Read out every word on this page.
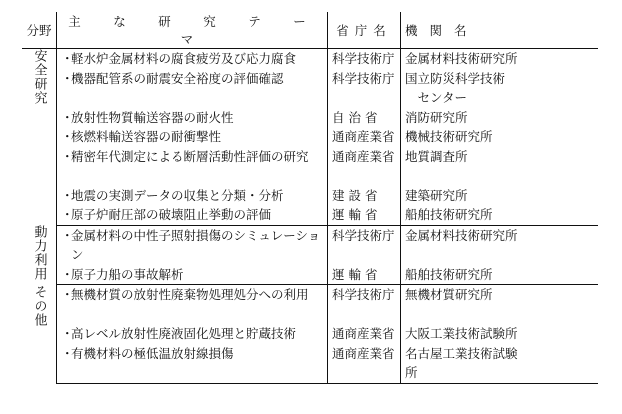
分野	主　な　研　究　テ　ー　マ	省庁名	機関名

安全研究	・軽水炉金属材料の腐食疲労及び応力腐食	科学技術庁	金属材料技術研究所

	・機器配管系の耐震安全裕度の評価確認	科学技術庁	国立防災科学技術
　センター

	・放射性物質輸送容器の耐火性	自 治 省	消防研究所

	・核燃料輸送容器の耐衝撃性	通商産業省	機械技術研究所

	・精密年代測定による断層活動性評価の研究	通商産業省	地質調査所

	・地震の実測データの収集と分類・分析	建 設 省	建築研究所

	・原子炉耐圧部の破壊阻止挙動の評価	運 輸 省	船舶技術研究所

動力利用	・金属材料の中性子照射損傷のシミュレーション	科学技術庁	金属材料技術研究所

	・原子力船の事故解析	運 輸 省	船舶技術研究所

その他	・無機材質の放射性廃棄物処理処分への利用	科学技術庁	無機材質研究所

	・高レベル放射性廃液固化処理と貯蔵技術	通商産業省	大阪工業技術試験所

	・有機材料の極低温放射線損傷	通商産業省	名古屋工業技術試験
所
